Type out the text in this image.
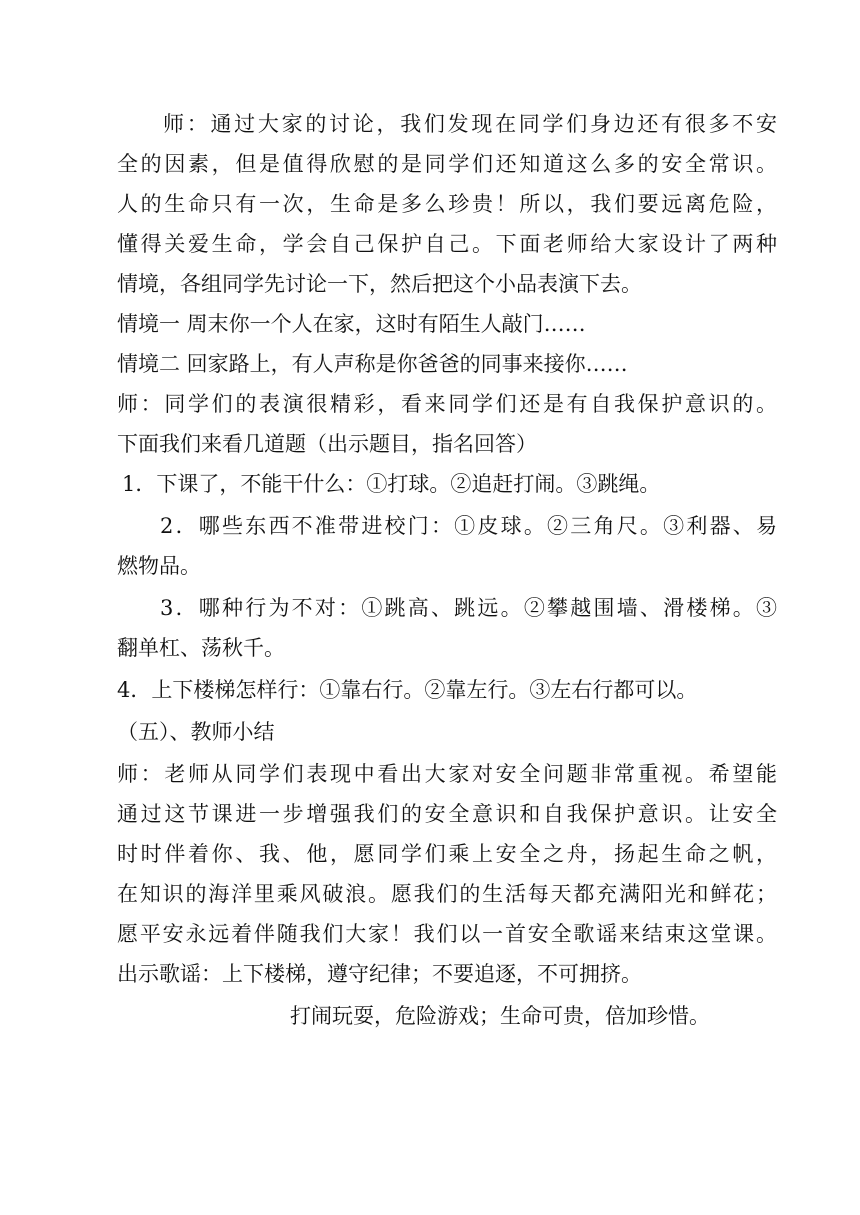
师：通过大家的讨论，我们发现在同学们身边还有很多不安
全的因素，但是值得欣慰的是同学们还知道这么多的安全常识。
人的生命只有一次，生命是多么珍贵！所以，我们要远离危险，
懂得关爱生命，学会自己保护自己。下面老师给大家设计了两种
情境，各组同学先讨论一下，然后把这个小品表演下去。
情境一 周末你一个人在家，这时有陌生人敲门……
情境二 回家路上，有人声称是你爸爸的同事来接你……
师：同学们的表演很精彩，看来同学们还是有自我保护意识的。
下面我们来看几道题（出示题目，指名回答）
1．下课了，不能干什么：①打球。②追赶打闹。③跳绳。
2．哪些东西不准带进校门：①皮球。②三角尺。③利器、易
燃物品。
3．哪种行为不对：①跳高、跳远。②攀越围墙、滑楼梯。③
翻单杠、荡秋千。
4．上下楼梯怎样行：①靠右行。②靠左行。③左右行都可以。
（五）、教师小结
师：老师从同学们表现中看出大家对安全问题非常重视。希望能
通过这节课进一步增强我们的安全意识和自我保护意识。让安全
时时伴着你、我、他，愿同学们乘上安全之舟，扬起生命之帆，
在知识的海洋里乘风破浪。愿我们的生活每天都充满阳光和鲜花；
愿平安永远着伴随我们大家！我们以一首安全歌谣来结束这堂课。
出示歌谣：上下楼梯，遵守纪律；不要追逐，不可拥挤。
打闹玩耍，危险游戏；生命可贵，倍加珍惜。
